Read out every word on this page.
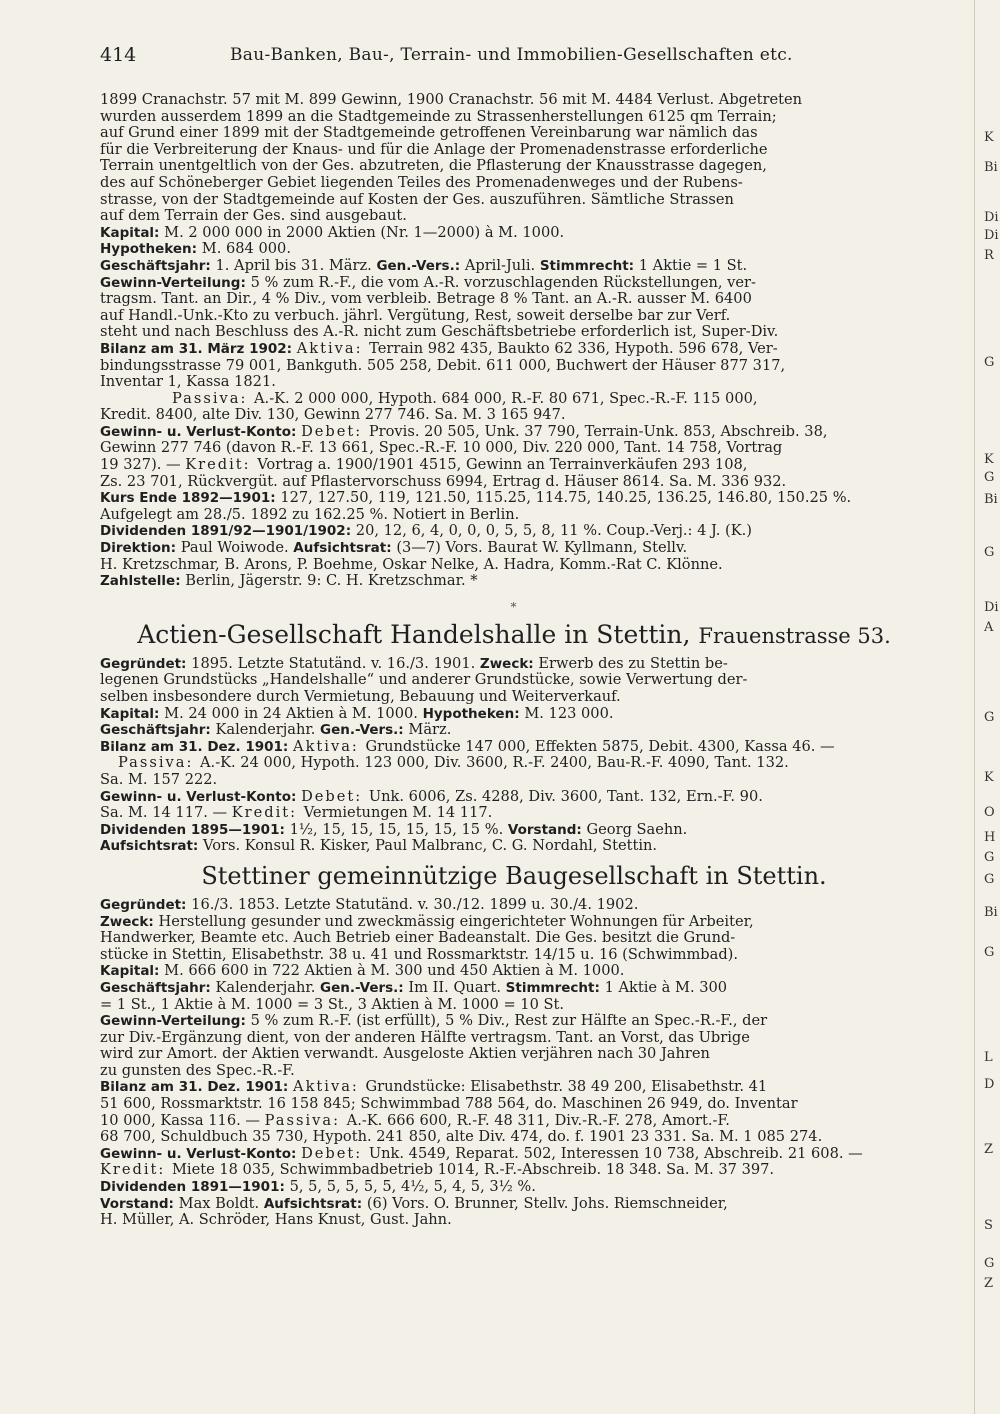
414	Bau-Banken, Bau-, Terrain- und Immobilien-Gesellschaften etc.
1899 Cranachstr. 57 mit M. 899 Gewinn, 1900 Cranachstr. 56 mit M. 4484 Verlust. Abgetreten
wurden ausserdem 1899 an die Stadtgemeinde zu Strassenherstellungen 6125 qm Terrain;
auf Grund einer 1899 mit der Stadtgemeinde getroffenen Vereinbarung war nämlich das
für die Verbreiterung der Knaus- und für die Anlage der Promenadenstrasse erforderliche
Terrain unentgeltlich von der Ges. abzutreten, die Pflasterung der Knausstrasse dagegen,
des auf Schöneberger Gebiet liegenden Teiles des Promenadenweges und der Rubens-
strasse, von der Stadtgemeinde auf Kosten der Ges. auszuführen. Sämtliche Strassen
auf dem Terrain der Ges. sind ausgebaut.
Kapital: M. 2 000 000 in 2000 Aktien (Nr. 1—2000) à M. 1000.
Hypotheken: M. 684 000.
Geschäftsjahr: 1. April bis 31. März. Gen.-Vers.: April-Juli. Stimmrecht: 1 Aktie = 1 St.
Gewinn-Verteilung: 5 % zum R.-F., die vom A.-R. vorzuschlagenden Rückstellungen, ver-
tragsm. Tant. an Dir., 4 % Div., vom verbleib. Betrage 8 % Tant. an A.-R. ausser M. 6400
auf Handl.-Unk.-Kto zu verbuch. jährl. Vergütung, Rest, soweit derselbe bar zur Verf.
steht und nach Beschluss des A.-R. nicht zum Geschäftsbetriebe erforderlich ist, Super-Div.
Bilanz am 31. März 1902: Aktiva: Terrain 982 435, Baukto 62 336, Hypoth. 596 678, Ver-
bindungsstrasse 79 001, Bankguth. 505 258, Debit. 611 000, Buchwert der Häuser 877 317,
Inventar 1, Kassa 1821.
Passiva: A.-K. 2 000 000, Hypoth. 684 000, R.-F. 80 671, Spec.-R.-F. 115 000,
Kredit. 8400, alte Div. 130, Gewinn 277 746. Sa. M. 3 165 947.
Gewinn- u. Verlust-Konto: Debet: Provis. 20 505, Unk. 37 790, Terrain-Unk. 853, Abschreib. 38,
Gewinn 277 746 (davon R.-F. 13 661, Spec.-R.-F. 10 000, Div. 220 000, Tant. 14 758, Vortrag
19 327). — Kredit: Vortrag a. 1900/1901 4515, Gewinn an Terrainverkäufen 293 108,
Zs. 23 701, Rückvergüt. auf Pflastervorschuss 6994, Ertrag d. Häuser 8614. Sa. M. 336 932.
Kurs Ende 1892—1901: 127, 127.50, 119, 121.50, 115.25, 114.75, 140.25, 136.25, 146.80, 150.25 %.
Aufgelegt am 28./5. 1892 zu 162.25 %. Notiert in Berlin.
Dividenden 1891/92—1901/1902: 20, 12, 6, 4, 0, 0, 0, 5, 5, 8, 11 %. Coup.-Verj.: 4 J. (K.)
Direktion: Paul Woiwode. Aufsichtsrat: (3—7) Vors. Baurat W. Kyllmann, Stellv.
H. Kretzschmar, B. Arons, P. Boehme, Oskar Nelke, A. Hadra, Komm.-Rat C. Klönne.
Zahlstelle: Berlin, Jägerstr. 9: C. H. Kretzschmar. *
*
Actien-Gesellschaft Handelshalle in Stettin, Frauenstrasse 53.
Gegründet: 1895. Letzte Statutänd. v. 16./3. 1901. Zweck: Erwerb des zu Stettin be-
legenen Grundstücks „Handelshalle“ und anderer Grundstücke, sowie Verwertung der-
selben insbesondere durch Vermietung, Bebauung und Weiterverkauf.
Kapital: M. 24 000 in 24 Aktien à M. 1000. Hypotheken: M. 123 000.
Geschäftsjahr: Kalenderjahr. Gen.-Vers.: März.
Bilanz am 31. Dez. 1901: Aktiva: Grundstücke 147 000, Effekten 5875, Debit. 4300, Kassa 46. —
Passiva: A.-K. 24 000, Hypoth. 123 000, Div. 3600, R.-F. 2400, Bau-R.-F. 4090, Tant. 132.
Sa. M. 157 222.
Gewinn- u. Verlust-Konto: Debet: Unk. 6006, Zs. 4288, Div. 3600, Tant. 132, Ern.-F. 90.
Sa. M. 14 117. — Kredit: Vermietungen M. 14 117.
Dividenden 1895—1901: 1½, 15, 15, 15, 15, 15, 15 %. Vorstand: Georg Saehn.
Aufsichtsrat: Vors. Konsul R. Kisker, Paul Malbranc, C. G. Nordahl, Stettin.
Stettiner gemeinnützige Baugesellschaft in Stettin.
Gegründet: 16./3. 1853. Letzte Statutänd. v. 30./12. 1899 u. 30./4. 1902.
Zweck: Herstellung gesunder und zweckmässig eingerichteter Wohnungen für Arbeiter,
Handwerker, Beamte etc. Auch Betrieb einer Badeanstalt. Die Ges. besitzt die Grund-
stücke in Stettin, Elisabethstr. 38 u. 41 und Rossmarktstr. 14/15 u. 16 (Schwimmbad).
Kapital: M. 666 600 in 722 Aktien à M. 300 und 450 Aktien à M. 1000.
Geschäftsjahr: Kalenderjahr. Gen.-Vers.: Im II. Quart. Stimmrecht: 1 Aktie à M. 300
= 1 St., 1 Aktie à M. 1000 = 3 St., 3 Aktien à M. 1000 = 10 St.
Gewinn-Verteilung: 5 % zum R.-F. (ist erfüllt), 5 % Div., Rest zur Hälfte an Spec.-R.-F., der
zur Div.-Ergänzung dient, von der anderen Hälfte vertragsm. Tant. an Vorst, das Übrige
wird zur Amort. der Aktien verwandt. Ausgeloste Aktien verjähren nach 30 Jahren
zu gunsten des Spec.-R.-F.
Bilanz am 31. Dez. 1901: Aktiva: Grundstücke: Elisabethstr. 38 49 200, Elisabethstr. 41
51 600, Rossmarktstr. 16 158 845; Schwimmbad 788 564, do. Maschinen 26 949, do. Inventar
10 000, Kassa 116. — Passiva: A.-K. 666 600, R.-F. 48 311, Div.-R.-F. 278, Amort.-F.
68 700, Schuldbuch 35 730, Hypoth. 241 850, alte Div. 474, do. f. 1901 23 331. Sa. M. 1 085 274.
Gewinn- u. Verlust-Konto: Debet: Unk. 4549, Reparat. 502, Interessen 10 738, Abschreib. 21 608. —
Kredit: Miete 18 035, Schwimmbadbetrieb 1014, R.-F.-Abschreib. 18 348. Sa. M. 37 397.
Dividenden 1891—1901: 5, 5, 5, 5, 5, 5, 4½, 5, 4, 5, 3½ %.
Vorstand: Max Boldt. Aufsichtsrat: (6) Vors. O. Brunner, Stellv. Johs. Riemschneider,
H. Müller, A. Schröder, Hans Knust, Gust. Jahn.
K
Bi
Di
Di
R
G
K
G
Bi
G
Di
A
G
K
O
H
G
G
Bi
G
L
D
Z
S
G
Z
